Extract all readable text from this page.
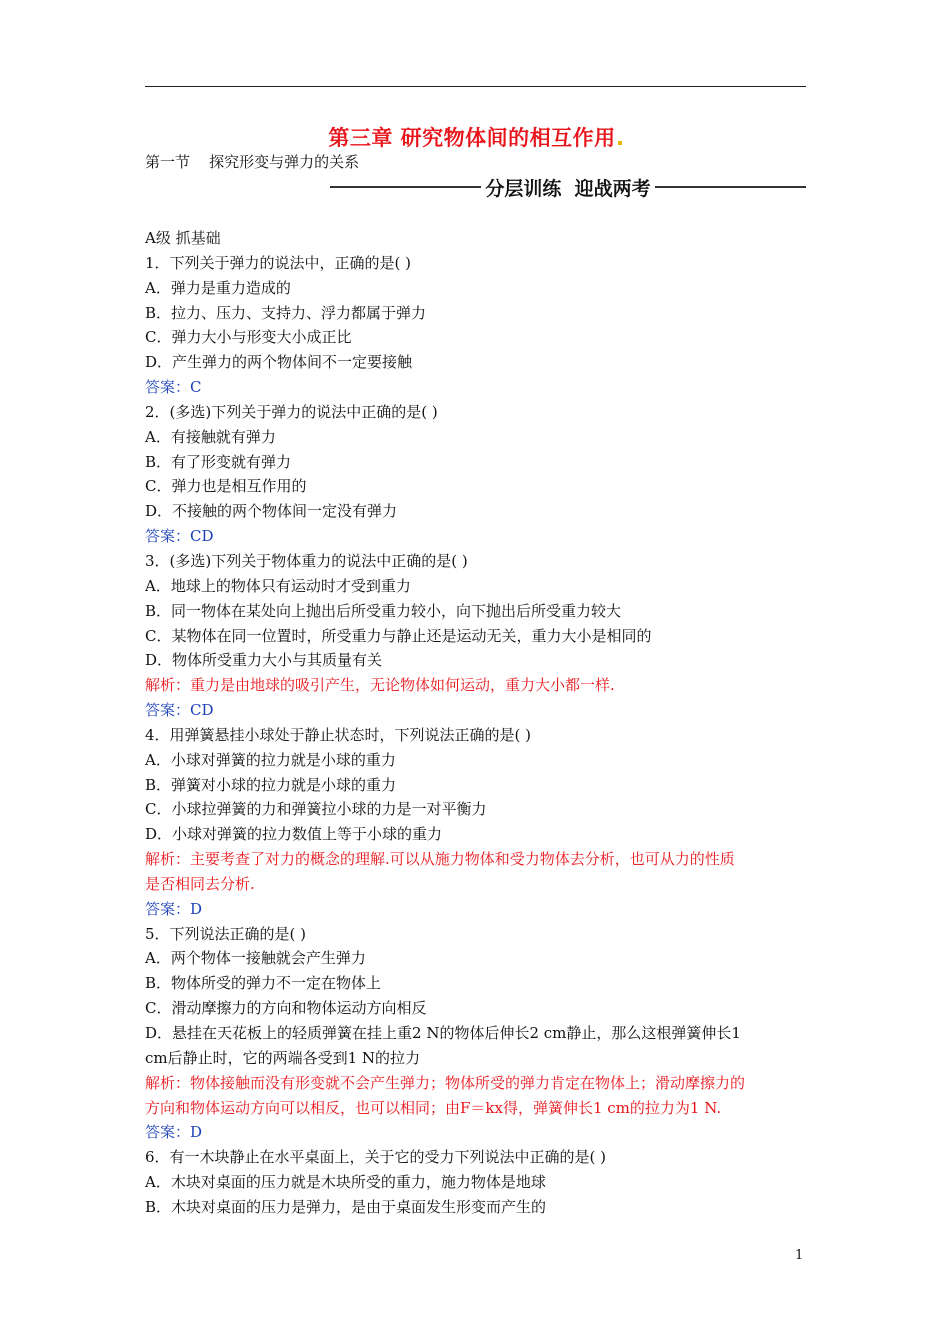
第三章 研究物体间的相互作用
第一节    探究形变与弹力的关系
分层训练  迎战两考
A级 抓基础
1．下列关于弹力的说法中，正确的是( )
A．弹力是重力造成的
B．拉力、压力、支持力、浮力都属于弹力
C．弹力大小与形变大小成正比
D．产生弹力的两个物体间不一定要接触
答案：C
2．(多选)下列关于弹力的说法中正确的是( )
A．有接触就有弹力
B．有了形变就有弹力
C．弹力也是相互作用的
D．不接触的两个物体间一定没有弹力
答案：CD
3．(多选)下列关于物体重力的说法中正确的是( )
A．地球上的物体只有运动时才受到重力
B．同一物体在某处向上抛出后所受重力较小，向下抛出后所受重力较大
C．某物体在同一位置时，所受重力与静止还是运动无关，重力大小是相同的
D．物体所受重力大小与其质量有关
解析：重力是由地球的吸引产生，无论物体如何运动，重力大小都一样.
答案：CD
4．用弹簧悬挂小球处于静止状态时，下列说法正确的是( )
A．小球对弹簧的拉力就是小球的重力
B．弹簧对小球的拉力就是小球的重力
C．小球拉弹簧的力和弹簧拉小球的力是一对平衡力
D．小球对弹簧的拉力数值上等于小球的重力
解析：主要考查了对力的概念的理解.可以从施力物体和受力物体去分析，也可从力的性质
是否相同去分析.
答案：D
5．下列说法正确的是( )
A．两个物体一接触就会产生弹力
B．物体所受的弹力不一定在物体上
C．滑动摩擦力的方向和物体运动方向相反
D．悬挂在天花板上的轻质弹簧在挂上重2 N的物体后伸长2 cm静止，那么这根弹簧伸长1
cm后静止时，它的两端各受到1 N的拉力
解析：物体接触而没有形变就不会产生弹力；物体所受的弹力肯定在物体上；滑动摩擦力的
方向和物体运动方向可以相反，也可以相同；由F＝kx得，弹簧伸长1 cm的拉力为1 N.
答案：D
6．有一木块静止在水平桌面上，关于它的受力下列说法中正确的是( )
A．木块对桌面的压力就是木块所受的重力，施力物体是地球
B．木块对桌面的压力是弹力，是由于桌面发生形变而产生的
1
